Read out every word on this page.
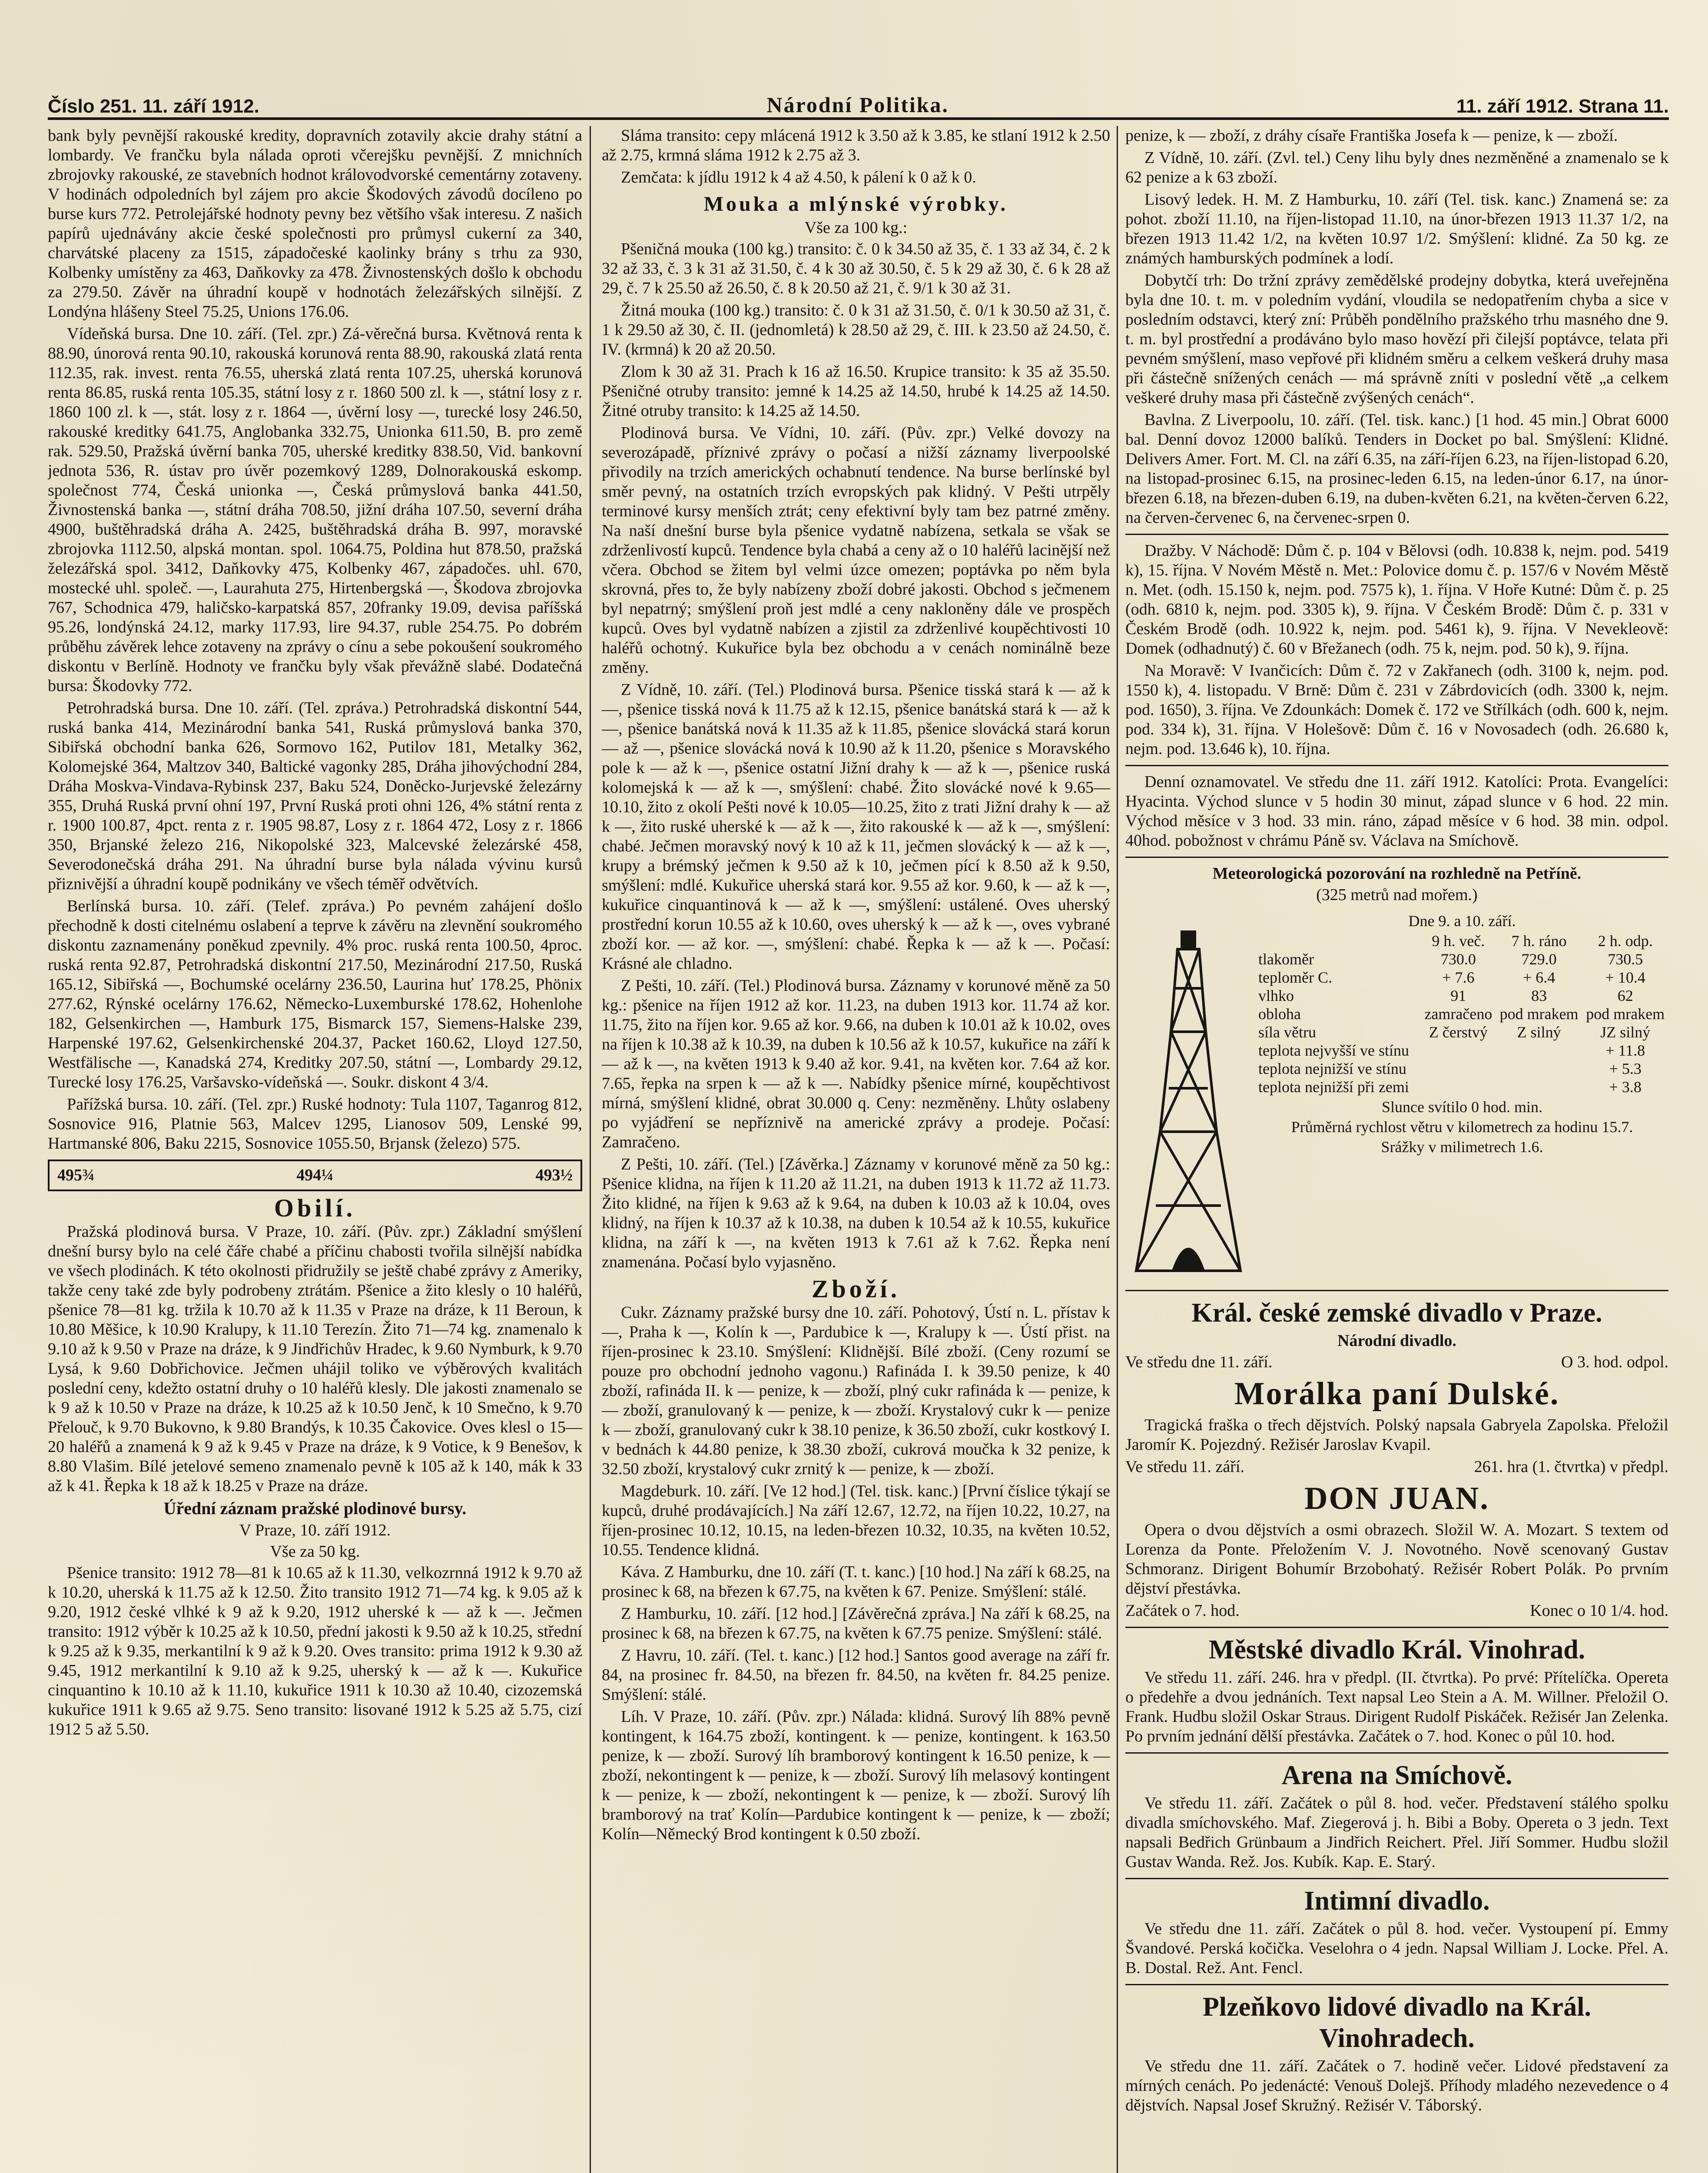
Číslo 251. 11. září 1912.	Národní Politika.	11. září 1912. Strana 11.

bank byly pevnější rakouské kredity, dopravních zotavily akcie drahy státní a lombardy. Ve frančku byla nálada oproti včerejšku pevnější. Z mnichních zbrojovky rakouské, ze stavebních hodnot královodvorské cementárny zotaveny. V hodinách odpoledních byl zájem pro akcie Škodových závodů docíleno po burse kurs 772. Petrolejářské hodnoty pevny bez většího však interesu. Z našich papírů ujednávány akcie české společnosti pro průmysl cukerní za 340, charvátské placeny za 1515, západočeské kaolinky brány s trhu za 930, Kolbenky umístěny za 463, Daňkovky za 478. Živnostenských došlo k obchodu za 279.50. Závěr na úhradní koupě v hodnotách železářských silnější. Z Londýna hlášeny Steel 75.25, Unions 176.06.

Vídeňská bursa. Dne 10. září. (Tel. zpr.) Zá-věrečná bursa. Květnová renta k 88.90, únorová renta 90.10, rakouská korunová renta 88.90, rakouská zlatá renta 112.35, rak. invest. renta 76.55, uherská zlatá renta 107.25, uherská korunová renta 86.85, ruská renta 105.35, státní losy z r. 1860 500 zl. k —, státní losy z r. 1860 100 zl. k —, stát. losy z r. 1864 —, úvěrní losy —, turecké losy 246.50, rakouské kreditky 641.75, Anglobanka 332.75, Unionka 611.50, B. pro země rak. 529.50, Pražská úvěrní banka 705, uherské kreditky 838.50, Vid. bankovní jednota 536, R. ústav pro úvěr pozemkový 1289, Dolnorakouská eskomp. společnost 774, Česká unionka —, Česká průmyslová banka 441.50, Živnostenská banka —, státní dráha 708.50, jižní dráha 107.50, severní dráha 4900, buštěhradská dráha A. 2425, buštěhradská dráha B. 997, moravské zbrojovka 1112.50, alpská montan. spol. 1064.75, Poldina hut 878.50, pražská železářská spol. 3412, Daňkovky 475, Kolbenky 467, západočes. uhl. 670, mostecké uhl. společ. —, Laurahuta 275, Hirtenbergská —, Škodova zbrojovka 767, Schodnica 479, haličsko-karpatská 857, 20franky 19.09, devisa paříšská 95.26, londýnská 24.12, marky 117.93, lire 94.37, ruble 254.75. Po dobrém průběhu závěrek lehce zotaveny na zprávy o cínu a sebe pokoušení soukromého diskontu v Berlíně. Hodnoty ve frančku byly však převážně slabé. Dodatečná bursa: Škodovky 772.

Petrohradská bursa. Dne 10. září. (Tel. zpráva.) Petrohradská diskontní 544, ruská banka 414, Mezinárodní banka 541, Ruská průmyslová banka 370, Sibiřská obchodní banka 626, Sormovo 162, Putilov 181, Metalky 362, Kolomejské 364, Maltzov 340, Baltické vagonky 285, Dráha jihovýchodní 284, Dráha Moskva-Vindava-Rybinsk 237, Baku 524, Doněcko-Jurjevské železárny 355, Druhá Ruská první ohní 197, První Ruská proti ohni 126, 4% státní renta z r. 1900 100.87, 4pct. renta z r. 1905 98.87, Losy z r. 1864 472, Losy z r. 1866 350, Brjanské železo 216, Nikopolské 323, Malcevské železárské 458, Severodonečská dráha 291. Na úhradní burse byla nálada vývinu kursů přiznivější a úhradní koupě podnikány ve všech téměř odvětvích.

Berlínská bursa. 10. září. (Telef. zpráva.) Po pevném zahájení došlo přechodně k dosti citelnému oslabení a teprve k závěru na zlevnění soukromého diskontu zaznamenány poněkud zpevnily. 4% proc. ruská renta 100.50, 4proc. ruská renta 92.87, Petrohradská diskontní 217.50, Mezinárodní 217.50, Ruská 165.12, Sibiřská —, Bochumské ocelárny 236.50, Laurina huť 178.25, Phönix 277.62, Rýnské ocelárny 176.62, Německo-Luxemburské 178.62, Hohenlohe 182, Gelsenkirchen —, Hamburk 175, Bismarck 157, Siemens-Halske 239, Harpenské 197.62, Gelsenkirchenské 204.37, Packet 160.62, Lloyd 127.50, Westfälische —, Kanadská 274, Kreditky 207.50, státní —, Lombardy 29.12, Turecké losy 176.25, Varšavsko-vídeňská —. Soukr. diskont 4 3/4.

Pařížská bursa. 10. září. (Tel. zpr.) Ruské hodnoty: Tula 1107, Taganrog 812, Sosnovice 916, Platnie 563, Malcev 1295, Lianosov 509, Lenské 99, Hartmanské 806, Baku 2215, Sosnovice 1055.50, Brjansk (železo) 575.

495¾	494¼	493½
Obilí.

Pražská plodinová bursa. V Praze, 10. září. (Pův. zpr.) Základní smýšlení dnešní bursy bylo na celé čáře chabé a příčinu chabosti tvořila silnější nabídka ve všech plodinách. K této okolnosti přidružily se ještě chabé zprávy z Ameriky, takže ceny také zde byly podrobeny ztrátám. Pšenice a žito klesly o 10 haléřů, pšenice 78—81 kg. tržila k 10.70 až k 11.35 v Praze na dráze, k 11 Beroun, k 10.80 Měšice, k 10.90 Kralupy, k 11.10 Terezín. Žito 71—74 kg. znamenalo k 9.10 až k 9.50 v Praze na dráze, k 9 Jindřichův Hradec, k 9.60 Nymburk, k 9.70 Lysá, k 9.60 Dobřichovice. Ječmen uhájil toliko ve výběrových kvalitách poslední ceny, kdežto ostatní druhy o 10 haléřů klesly. Dle jakosti znamenalo se k 9 až k 10.50 v Praze na dráze, k 10.25 až k 10.50 Jenč, k 10 Smečno, k 9.70 Přelouč, k 9.70 Bukovno, k 9.80 Brandýs, k 10.35 Čakovice. Oves klesl o 15—20 haléřů a znamená k 9 až k 9.45 v Praze na dráze, k 9 Votice, k 9 Benešov, k 8.80 Vlašim. Bílé jetelové semeno znamenalo pevně k 105 až k 140, mák k 33 až k 41. Řepka k 18 až k 18.25 v Praze na dráze.

Úřední záznam pražské plodinové bursy.

V Praze, 10. září 1912.

Vše za 50 kg.

Pšenice transito: 1912 78—81 k 10.65 až k 11.30, velkozrnná 1912 k 9.70 až k 10.20, uherská k 11.75 až k 12.50. Žito transito 1912 71—74 kg. k 9.05 až k 9.20, 1912 české vlhké k 9 až k 9.20, 1912 uherské k — až k —. Ječmen transito: 1912 výběr k 10.25 až k 10.50, přední jakosti k 9.50 až k 10.25, střední k 9.25 až k 9.35, merkantilní k 9 až k 9.20. Oves transito: prima 1912 k 9.30 až 9.45, 1912 merkantilní k 9.10 až k 9.25, uherský k — až k —. Kukuřice cinquantino k 10.10 až k 11.10, kukuřice 1911 k 10.30 až 10.40, cizozemská kukuřice 1911 k 9.65 až 9.75. Seno transito: lisované 1912 k 5.25 až 5.75, cizí 1912 5 až 5.50.

Sláma transito: cepy mlácená 1912 k 3.50 až k 3.85, ke stlaní 1912 k 2.50 až 2.75, krmná sláma 1912 k 2.75 až 3.

Zemčata: k jídlu 1912 k 4 až 4.50, k pálení k 0 až k 0.

Mouka a mlýnské výrobky.

Vše za 100 kg.:

Pšeničná mouka (100 kg.) transito: č. 0 k 34.50 až 35, č. 1 33 až 34, č. 2 k 32 až 33, č. 3 k 31 až 31.50, č. 4 k 30 až 30.50, č. 5 k 29 až 30, č. 6 k 28 až 29, č. 7 k 25.50 až 26.50, č. 8 k 20.50 až 21, č. 9/1 k 30 až 31.

Žitná mouka (100 kg.) transito: č. 0 k 31 až 31.50, č. 0/1 k 30.50 až 31, č. 1 k 29.50 až 30, č. II. (jednomletá) k 28.50 až 29, č. III. k 23.50 až 24.50, č. IV. (krmná) k 20 až 20.50.

Zlom k 30 až 31. Prach k 16 až 16.50. Krupice transito: k 35 až 35.50. Pšeničné otruby transito: jemné k 14.25 až 14.50, hrubé k 14.25 až 14.50. Žitné otruby transito: k 14.25 až 14.50.

Plodinová bursa. Ve Vídni, 10. září. (Pův. zpr.) Velké dovozy na severozápadě, příznivé zprávy o počasí a nižší záznamy liverpoolské přivodily na trzích amerických ochabnutí tendence. Na burse berlínské byl směr pevný, na ostatních trzích evropských pak klidný. V Pešti utrpěly terminové kursy menších ztrát; ceny efektivní byly tam bez patrné změny. Na naší dnešní burse byla pšenice vydatně nabízena, setkala se však se zdrženlivostí kupců. Tendence byla chabá a ceny až o 10 haléřů lacinější než včera. Obchod se žitem byl velmi úzce omezen; poptávka po něm byla skrovná, přes to, že byly nabízeny zboží dobré jakosti. Obchod s ječmenem byl nepatrný; smýšlení proň jest mdlé a ceny nakloněny dále ve prospěch kupců. Oves byl vydatně nabízen a zjistil za zdrženlivé koupěchtivosti 10 haléřů ochotný. Kukuřice byla bez obchodu a v cenách nominálně beze změny.

Z Vídně, 10. září. (Tel.) Plodinová bursa. Pšenice tisská stará k — až k —, pšenice tisská nová k 11.75 až k 12.15, pšenice banátská stará k — až k —, pšenice banátská nová k 11.35 až k 11.85, pšenice slovácká stará korun — až —, pšenice slovácká nová k 10.90 až k 11.20, pšenice s Moravského pole k — až k —, pšenice ostatní Jižní drahy k — až k —, pšenice ruská kolomejská k — až k —, smýšlení: chabé. Žito slovácké nové k 9.65—10.10, žito z okolí Pešti nové k 10.05—10.25, žito z trati Jižní drahy k — až k —, žito ruské uherské k — až k —, žito rakouské k — až k —, smýšlení: chabé. Ječmen moravský nový k 10 až k 11, ječmen slovácký k — až k —, krupy a brémský ječmen k 9.50 až k 10, ječmen pící k 8.50 až k 9.50, smýšlení: mdlé. Kukuřice uherská stará kor. 9.55 až kor. 9.60, k — až k —, kukuřice cinquantinová k — až k —, smýšlení: ustálené. Oves uherský prostřední korun 10.55 až k 10.60, oves uherský k — až k —, oves vybrané zboží kor. — až kor. —, smýšlení: chabé. Řepka k — až k —. Počasí: Krásné ale chladno.

Z Pešti, 10. září. (Tel.) Plodinová bursa. Záznamy v korunové měně za 50 kg.: pšenice na říjen 1912 až kor. 11.23, na duben 1913 kor. 11.74 až kor. 11.75, žito na říjen kor. 9.65 až kor. 9.66, na duben k 10.01 až k 10.02, oves na říjen k 10.38 až k 10.39, na duben k 10.56 až k 10.57, kukuřice na září k — až k —, na květen 1913 k 9.40 až kor. 9.41, na květen kor. 7.64 až kor. 7.65, řepka na srpen k — až k —. Nabídky pšenice mírné, koupěchtivost mírná, smýšlení klidné, obrat 30.000 q. Ceny: nezměněny. Lhůty oslabeny po vyjádření se nepříznivě na americké zprávy a prodeje. Počasí: Zamračeno.

Z Pešti, 10. září. (Tel.) [Závěrka.] Záznamy v korunové měně za 50 kg.: Pšenice klidna, na říjen k 11.20 až 11.21, na duben 1913 k 11.72 až 11.73. Žito klidné, na říjen k 9.63 až k 9.64, na duben k 10.03 až k 10.04, oves klidný, na říjen k 10.37 až k 10.38, na duben k 10.54 až k 10.55, kukuřice klidna, na září k —, na květen 1913 k 7.61 až k 7.62. Řepka není znamenána. Počasí bylo vyjasněno.

Zboží.

Cukr. Záznamy pražské bursy dne 10. září. Pohotový, Ústí n. L. přístav k —, Praha k —, Kolín k —, Pardubice k —, Kralupy k —. Ústí přist. na říjen-prosinec k 23.10. Smýšlení: Klidnější. Bílé zboží. (Ceny rozumí se pouze pro obchodní jednoho vagonu.) Rafináda I. k 39.50 penize, k 40 zboží, rafináda II. k — penize, k — zboží, plný cukr rafináda k — penize, k — zboží, granulovaný k — penize, k — zboží. Krystalový cukr k — penize k — zboží, granulovaný cukr k 38.10 penize, k 36.50 zboží, cukr kostkový I. v bednách k 44.80 penize, k 38.30 zboží, cukrová moučka k 32 penize, k 32.50 zboží, krystalový cukr zrnitý k — penize, k — zboží.

Magdeburk. 10. září. [Ve 12 hod.] (Tel. tisk. kanc.) [První číslice týkají se kupců, druhé prodávajících.] Na září 12.67, 12.72, na říjen 10.22, 10.27, na říjen-prosinec 10.12, 10.15, na leden-březen 10.32, 10.35, na květen 10.52, 10.55. Tendence klidná.

Káva. Z Hamburku, dne 10. září (T. t. kanc.) [10 hod.] Na září k 68.25, na prosinec k 68, na březen k 67.75, na květen k 67. Penize. Smýšlení: stálé.

Z Hamburku, 10. září. [12 hod.] [Závěrečná zpráva.] Na září k 68.25, na prosinec k 68, na březen k 67.75, na květen k 67.75 penize. Smýšlení: stálé.

Z Havru, 10. září. (Tel. t. kanc.) [12 hod.] Santos good average na září fr. 84, na prosinec fr. 84.50, na březen fr. 84.50, na květen fr. 84.25 penize. Smýšlení: stálé.

Líh. V Praze, 10. září. (Pův. zpr.) Nálada: klidná. Surový líh 88% pevně kontingent, k 164.75 zboží, kontingent. k — penize, kontingent. k 163.50 penize, k — zboží. Surový líh bramborový kontingent k 16.50 penize, k — zboží, nekontingent k — penize, k — zboží. Surový líh melasový kontingent k — penize, k — zboží, nekontingent k — penize, k — zboží. Surový líh bramborový na trať Kolín—Pardubice kontingent k — penize, k — zboží; Kolín—Německý Brod kontingent k 0.50 zboží.

penize, k — zboží, z dráhy císaře Františka Josefa k — penize, k — zboží.

Z Vídně, 10. září. (Zvl. tel.) Ceny lihu byly dnes nezměněné a znamenalo se k 62 penize a k 63 zboží.

Lisový ledek. H. M. Z Hamburku, 10. září (Tel. tisk. kanc.) Znamená se: za pohot. zboží 11.10, na říjen-listopad 11.10, na únor-březen 1913 11.37 1/2, na březen 1913 11.42 1/2, na květen 10.97 1/2. Smýšlení: klidné. Za 50 kg. ze známých hamburských podmínek a lodí.

Dobytčí trh: Do tržní zprávy zemědělské prodejny dobytka, která uveřejněna byla dne 10. t. m. v poledním vydání, vloudila se nedopatřením chyba a sice v posledním odstavci, který zní: Průběh pondělního pražského trhu masného dne 9. t. m. byl prostřední a prodáváno bylo maso hovězí při čilejší poptávce, telata při pevném smýšlení, maso vepřové při klidném směru a celkem veškerá druhy masa při částečně snížených cenách — má správně zníti v poslední větě „a celkem veškeré druhy masa při částečně zvýšených cenách“.

Bavlna. Z Liverpoolu, 10. září. (Tel. tisk. kanc.) [1 hod. 45 min.] Obrat 6000 bal. Denní dovoz 12000 balíků. Tenders in Docket po bal. Smýšlení: Klidné. Delivers Amer. Fort. M. Cl. na září 6.35, na září-říjen 6.23, na říjen-listopad 6.20, na listopad-prosinec 6.15, na prosinec-leden 6.15, na leden-únor 6.17, na únor-březen 6.18, na březen-duben 6.19, na duben-květen 6.21, na květen-červen 6.22, na červen-červenec 6, na červenec-srpen 0.

Dražby. V Náchodě: Dům č. p. 104 v Bělovsi (odh. 10.838 k, nejm. pod. 5419 k), 15. října. V Novém Městě n. Met.: Polovice domu č. p. 157/6 v Novém Městě n. Met. (odh. 15.150 k, nejm. pod. 7575 k), 1. října. V Hoře Kutné: Dům č. p. 25 (odh. 6810 k, nejm. pod. 3305 k), 9. října. V Českém Brodě: Dům č. p. 331 v Českém Brodě (odh. 10.922 k, nejm. pod. 5461 k), 9. října. V Nevekleově: Domek (odhadnutý) č. 60 v Břežanech (odh. 75 k, nejm. pod. 50 k), 9. října.

Na Moravě: V Ivančicích: Dům č. 72 v Zakřanech (odh. 3100 k, nejm. pod. 1550 k), 4. listopadu. V Brně: Dům č. 231 v Zábrdovicích (odh. 3300 k, nejm. pod. 1650), 3. října. Ve Zdounkách: Domek č. 172 ve Střílkách (odh. 600 k, nejm. pod. 334 k), 31. října. V Holešově: Dům č. 16 v Novosadech (odh. 26.680 k, nejm. pod. 13.646 k), 10. října.

Denní oznamovatel. Ve středu dne 11. září 1912. Katolíci: Prota. Evangelíci: Hyacinta. Východ slunce v 5 hodin 30 minut, západ slunce v 6 hod. 22 min. Východ měsíce v 3 hod. 33 min. ráno, západ měsíce v 6 hod. 38 min. odpol. 40hod. pobožnost v chrámu Páně sv. Václava na Smíchově.

Meteorologická pozorování na rozhledně na Petříně.

(325 metrů nad mořem.)

Dne 9. a 10. září.

	9 h. več.	7 h. ráno	2 h. odp.
tlakoměr	730.0	729.0	730.5
teploměr C.	+ 7.6	+ 6.4	+ 10.4
vlhko	91	83	62
obloha	zamračeno	pod mrakem	pod mrakem
síla větru	Z čerstvý	Z silný	JZ silný
teplota nejvyšší ve stínu			+ 11.8
teplota nejnižší ve stínu			+ 5.3
teplota nejnižší při zemi			+ 3.8

Slunce svítilo 0 hod. min.

Průměrná rychlost větru v kilometrech za hodinu 15.7.

Srážky v milimetrech 1.6.

Král. české zemské divadlo v Praze.

Národní divadlo.

Ve středu dne 11. září.	O 3. hod. odpol.
Morálka paní Dulské.

Tragická fraška o třech dějstvích. Polský napsala Gabryela Zapolska. Přeložil Jaromír K. Pojezdný. Režisér Jaroslav Kvapil.

Ve středu 11. září.	261. hra (1. čtvrtka) v předpl.
DON JUAN.

Opera o dvou dějstvích a osmi obrazech. Složil W. A. Mozart. S textem od Lorenza da Ponte. Přeložením V. J. Novotného. Nově scenovaný Gustav Schmoranz. Dirigent Bohumír Brzobohatý. Režisér Robert Polák. Po prvním dějství přestávka.

Začátek o 7. hod.	Konec o 10 1/4. hod.
Městské divadlo Král. Vinohrad.

Ve středu 11. září. 246. hra v předpl. (II. čtvrtka). Po prvé: Přítelíčka. Opereta o předehře a dvou jednáních. Text napsal Leo Stein a A. M. Willner. Přeložil O. Frank. Hudbu složil Oskar Straus. Dirigent Rudolf Piskáček. Režisér Jan Zelenka. Po prvním jednání dělší přestávka. Začátek o 7. hod. Konec o půl 10. hod.

Arena na Smíchově.

Ve středu 11. září. Začátek o půl 8. hod. večer. Představení stálého spolku divadla smíchovského. Maf. Ziegerová j. h. Bibi a Boby. Opereta o 3 jedn. Text napsali Bedřich Grünbaum a Jindřich Reichert. Přel. Jiří Sommer. Hudbu složil Gustav Wanda. Rež. Jos. Kubík. Kap. E. Starý.

Intimní divadlo.

Ve středu dne 11. září. Začátek o půl 8. hod. večer. Vystoupení pí. Emmy Švandové. Perská kočička. Veselohra o 4 jedn. Napsal William J. Locke. Přel. A. B. Dostal. Rež. Ant. Fencl.

Plzeňkovo lidové divadlo na Král. Vinohradech.

Ve středu dne 11. září. Začátek o 7. hodině večer. Lidové představení za mírných cenách. Po jedenácté: Venouš Dolejš. Příhody mladého nezevedence o 4 dějstvích. Napsal Josef Skružný. Režisér V. Táborský.
